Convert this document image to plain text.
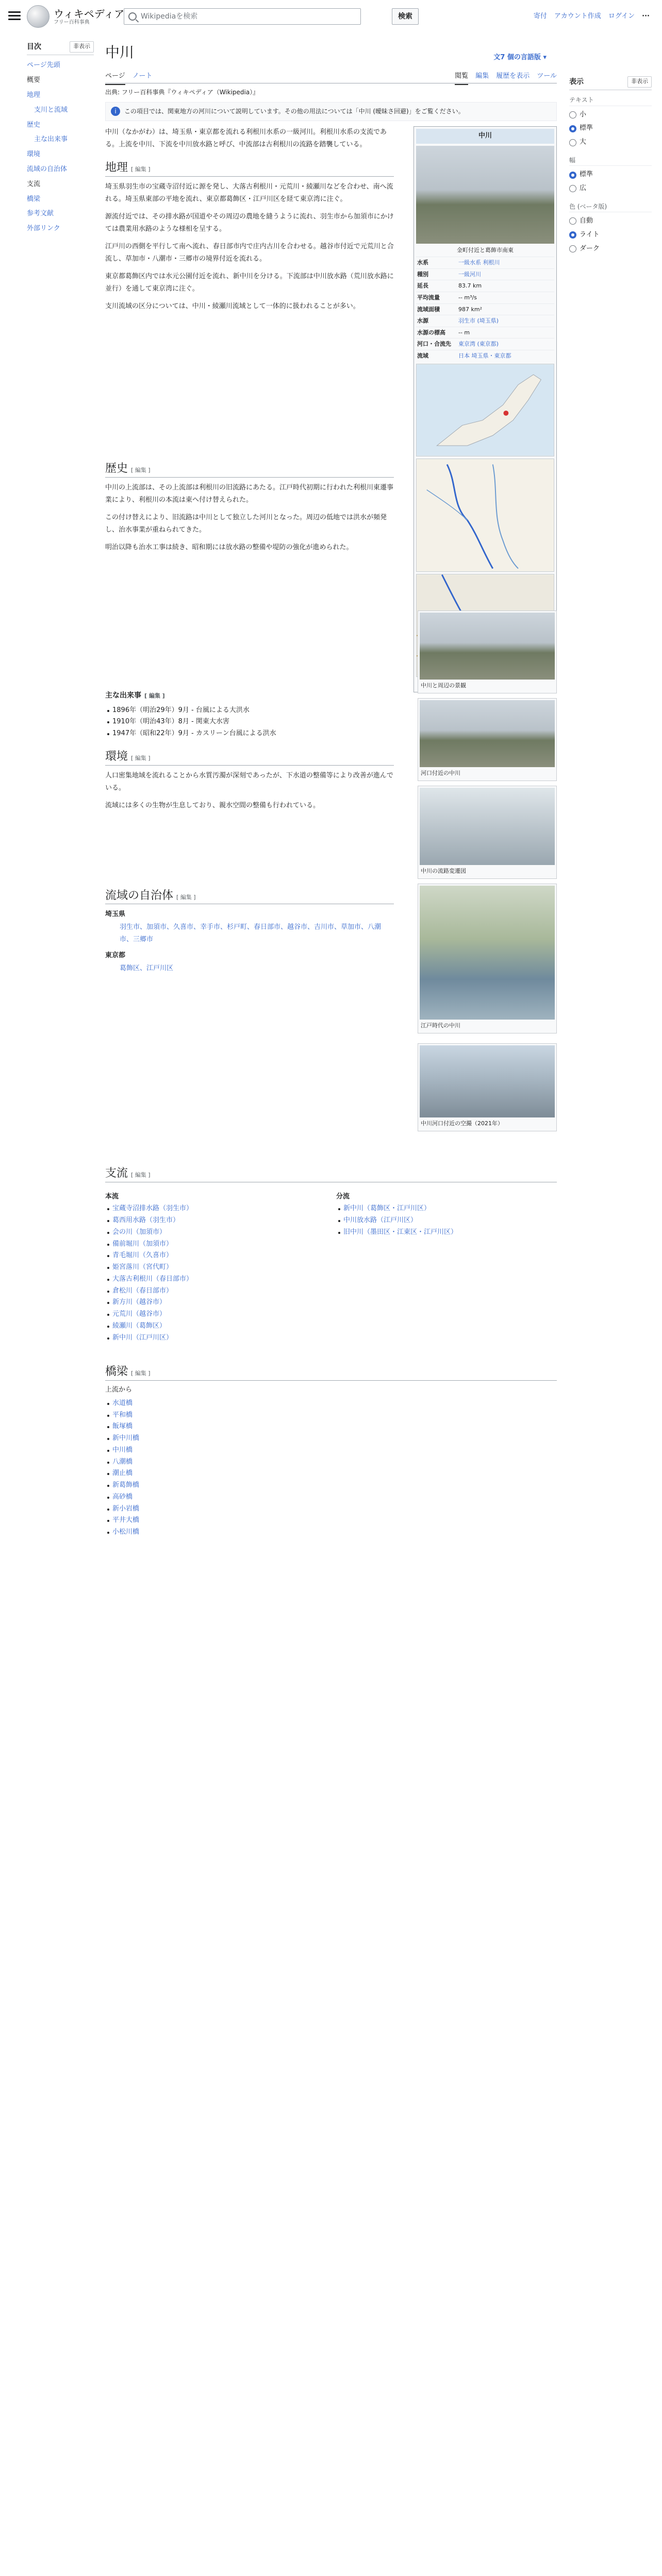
ウィキペディア
フリー百科事典
Wikipediaを検索	検索	寄付 アカウント作成 ログイン ···
目次	非表示
ページ先頭
概要
地理
支川と流域
歴史
主な出来事
環境
流域の自治体
支流
橋梁
参考文献
外部リンク
表示	非表示
テキスト
小
標準
大
幅
標準
広
色 (ベータ版)
自動
ライト
ダーク
中川	文7 個の言語版 ▾
ページ ノート	閲覧 編集 履歴を表示 ツール
出典: フリー百科事典『ウィキペディア（Wikipedia）』
i	この項目では、関東地方の河川について説明しています。その他の用法については「中川 (曖昧さ回避)」をご覧ください。
中川
金町付近と葛飾市南東
水系	一級水系 利根川
種別	一級河川
延長	83.7 km
平均流量	-- m³/s
流域面積	987 km²
水源	羽生市 (埼玉県)
水源の標高	-- m
河口・合流先	東京湾 (東京都)
流域	日本 埼玉県・東京都
中川と周辺の景観
河口付近の中川
中川の流路変遷図
江戸時代の中川
中川河口付近の空撮（2021年）

中川（なかがわ）は、埼玉県・東京都を流れる利根川水系の一級河川。利根川水系の支流である。上流を中川、下流を中川放水路と呼び、中流部は古利根川の流路を踏襲している。

地理 [ 編集 ]

埼玉県羽生市の宝蔵寺沼付近に源を発し、大落古利根川・元荒川・綾瀬川などを合わせ、南へ流れる。埼玉県東部の平地を流れ、東京都葛飾区・江戸川区を経て東京湾に注ぐ。

源流付近では、その排水路が国道やその周辺の農地を縫うように流れ、羽生市から加須市にかけては農業用水路のような様相を呈する。

江戸川の西側を平行して南へ流れ、春日部市内で庄内古川を合わせる。越谷市付近で元荒川と合流し、草加市・八潮市・三郷市の境界付近を流れる。

東京都葛飾区内では水元公園付近を流れ、新中川を分ける。下流部は中川放水路（荒川放水路に並行）を通して東京湾に注ぐ。

支川流域の区分については、中川・綾瀬川流域として一体的に扱われることが多い。

歴史 [ 編集 ]

中川の上流部は、その上流部は利根川の旧流路にあたる。江戸時代初期に行われた利根川東遷事業により、利根川の本流は東へ付け替えられた。

この付け替えにより、旧流路は中川として独立した河川となった。周辺の低地では洪水が頻発し、治水事業が重ねられてきた。

明治以降も治水工事は続き、昭和期には放水路の整備や堤防の強化が進められた。

主な出来事 [ 編集 ]
1896年（明治29年）9月 - 台風による大洪水
1910年（明治43年）8月 - 関東大水害
1947年（昭和22年）9月 - カスリーン台風による洪水
環境 [ 編集 ]

人口密集地域を流れることから水質汚濁が深刻であったが、下水道の整備等により改善が進んでいる。

流域には多くの生物が生息しており、親水空間の整備も行われている。

流域の自治体 [ 編集 ]
埼玉県
羽生市、加須市、久喜市、幸手市、杉戸町、春日部市、越谷市、吉川市、草加市、八潮市、三郷市
東京都
葛飾区、江戸川区
支流 [ 編集 ]
本流
宝蔵寺沼排水路（羽生市）
葛西用水路（羽生市）
会の川（加須市）
備前堀川（加須市）
青毛堀川（久喜市）
姫宮落川（宮代町）
大落古利根川（春日部市）
倉松川（春日部市）
新方川（越谷市）
元荒川（越谷市）
綾瀬川（葛飾区）
新中川（江戸川区）
分流
新中川（葛飾区・江戸川区）
中川放水路（江戸川区）
旧中川（墨田区・江東区・江戸川区）
橋梁 [ 編集 ]
上流から
水道橋
平和橋
飯塚橋
新中川橋
中川橋
八潮橋
潮止橋
新葛飾橋
高砂橋
新小岩橋
平井大橋
小松川橋
